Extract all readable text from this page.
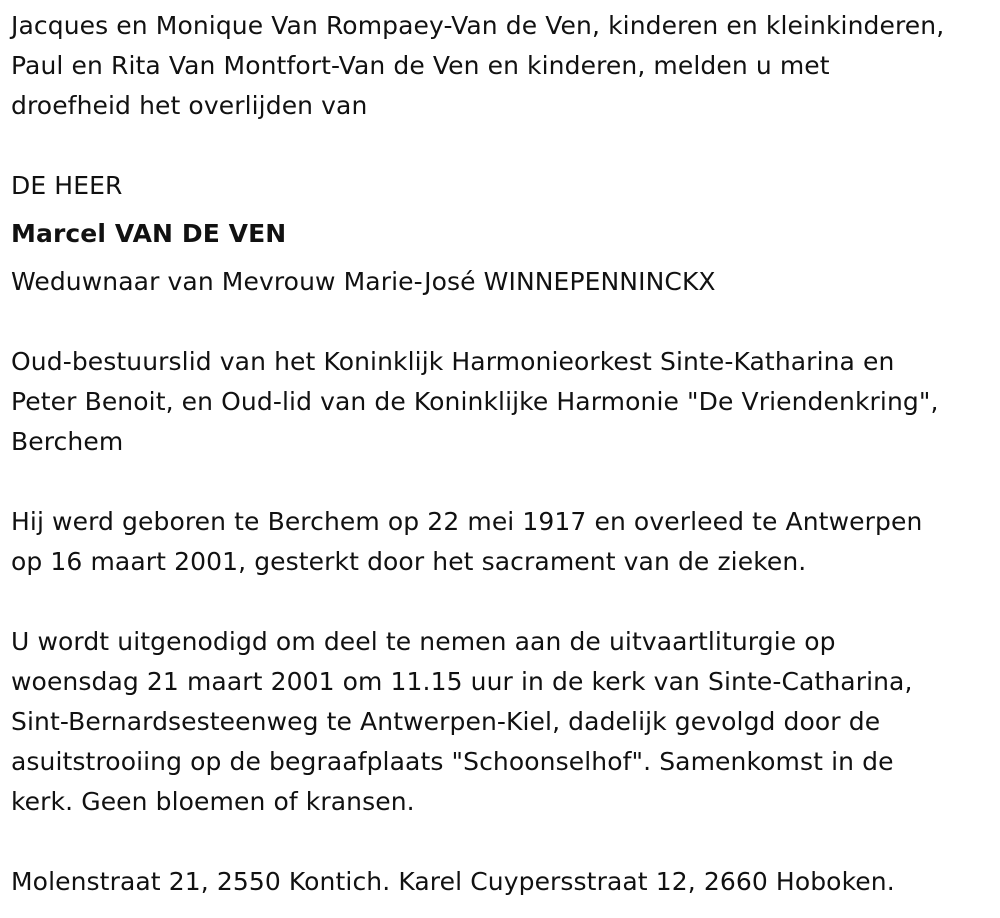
Jacques en Monique Van Rompaey-Van de Ven, kinderen en kleinkinderen,
Paul en Rita Van Montfort-Van de Ven en kinderen, melden u met
droefheid het overlijden van

DE HEER

Marcel VAN DE VEN

Weduwnaar van Mevrouw Marie-José WINNEPENNINCKX

Oud-bestuurslid van het Koninklijk Harmonieorkest Sinte-Katharina en
Peter Benoit, en Oud-lid van de Koninklijke Harmonie "De Vriendenkring",
Berchem

Hij werd geboren te Berchem op 22 mei 1917 en overleed te Antwerpen
op 16 maart 2001, gesterkt door het sacrament van de zieken.

U wordt uitgenodigd om deel te nemen aan de uitvaartliturgie op
woensdag 21 maart 2001 om 11.15 uur in de kerk van Sinte-Catharina,
Sint-Bernardsesteenweg te Antwerpen-Kiel, dadelijk gevolgd door de
asuitstrooiing op de begraafplaats "Schoonselhof". Samenkomst in de
kerk. Geen bloemen of kransen.

Molenstraat 21, 2550 Kontich. Karel Cuypersstraat 12, 2660 Hoboken.
